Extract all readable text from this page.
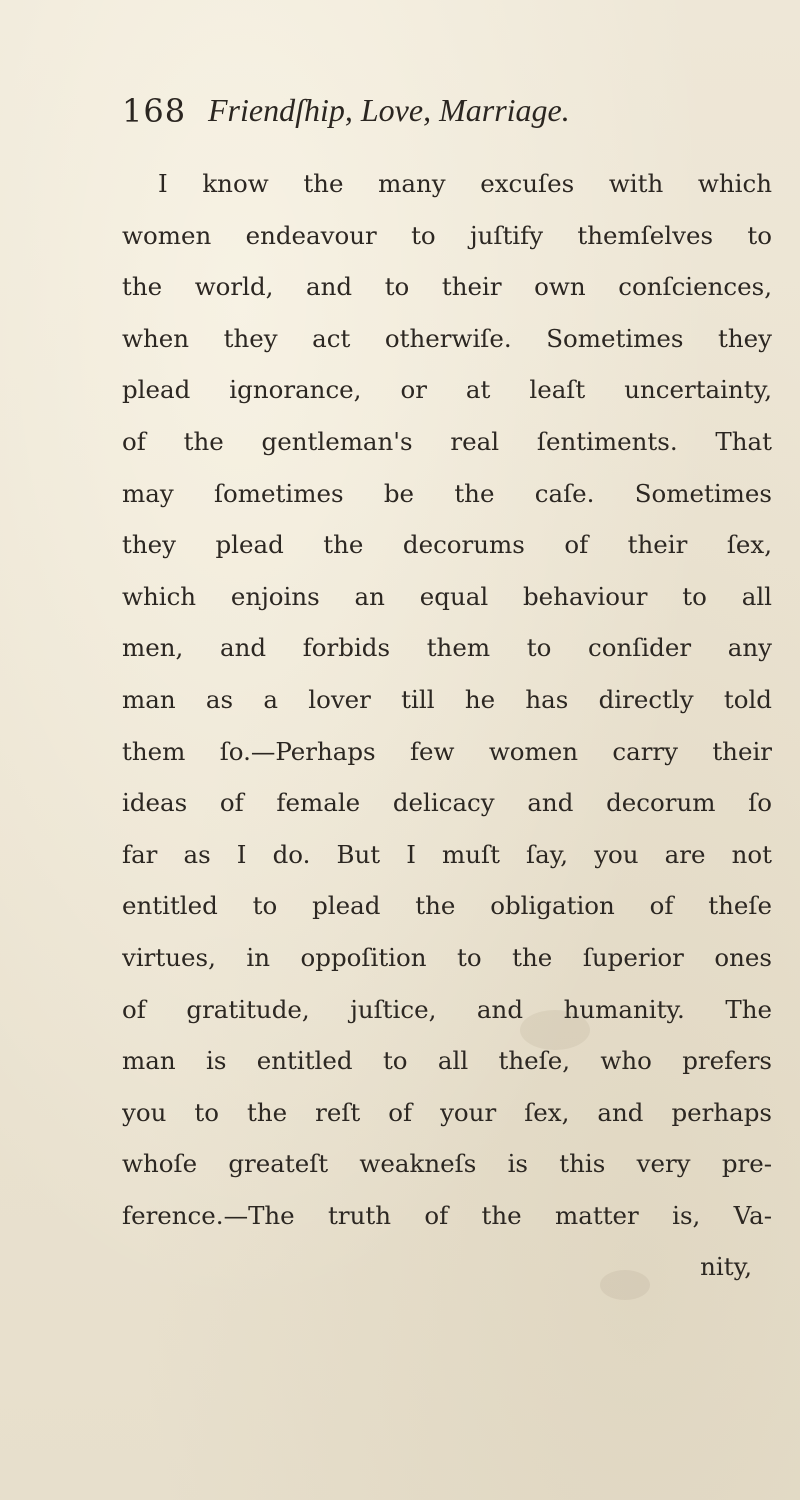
168 Friendſhip, Love, Marriage.
I know the many excuſes with which
women endeavour to juſtify themſelves to
the world, and to their own conſciences,
when they act otherwiſe. Sometimes they
plead ignorance, or at leaſt uncertainty,
of the gentleman's real ſentiments. That
may ſometimes be the caſe. Sometimes
they plead the decorums of their ſex,
which enjoins an equal behaviour to all
men, and forbids them to conſider any
man as a lover till he has directly told
them ſo.—Perhaps few women carry their
ideas of female delicacy and decorum ſo
far as I do. But I muſt ſay, you are not
entitled to plead the obligation of theſe
virtues, in oppoſition to the ſuperior ones
of gratitude, juſtice, and humanity. The
man is entitled to all theſe, who prefers
you to the reſt of your ſex, and perhaps
whoſe greateſt weakneſs is this very pre-
ference.—The truth of the matter is, Va-
nity,
